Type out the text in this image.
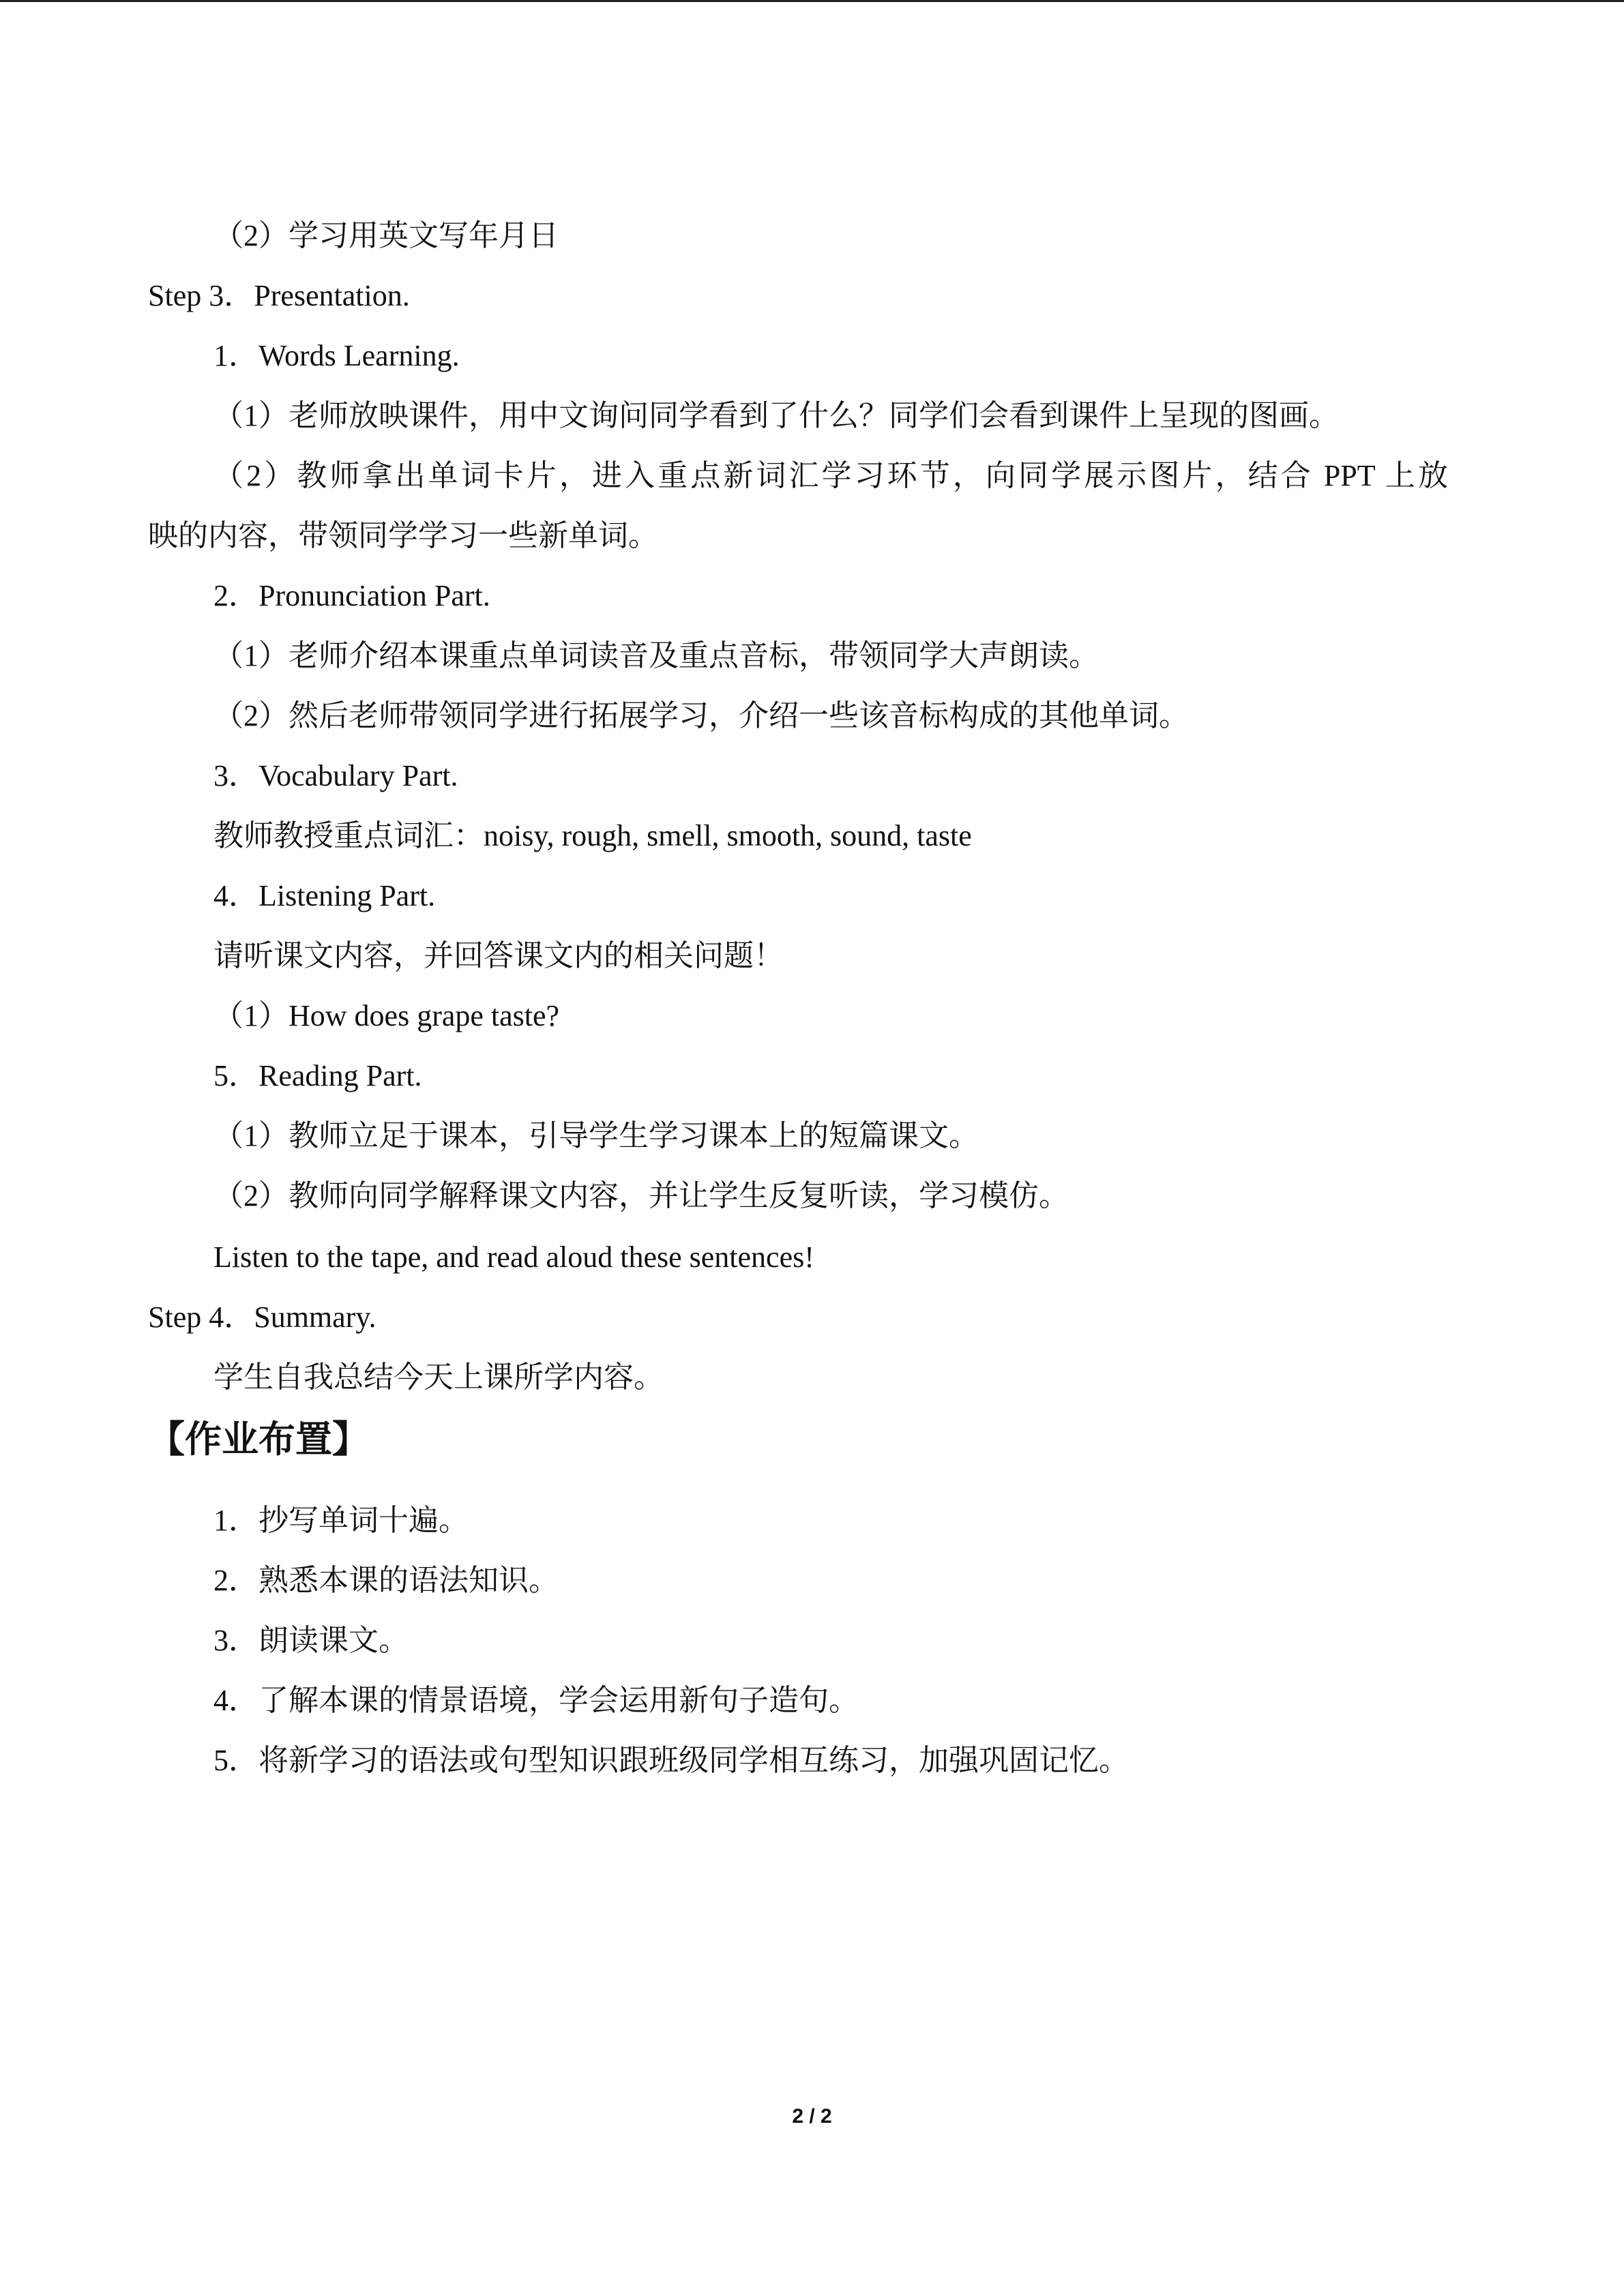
（2）学习用英文写年月日
Step 3．Presentation.
1．Words Learning.
（1）老师放映课件，用中文询问同学看到了什么？同学们会看到课件上呈现的图画。
（2）教师拿出单词卡片，进入重点新词汇学习环节，向同学展示图片，结合 PPT 上放
映的内容，带领同学学习一些新单词。
2．Pronunciation Part.
（1）老师介绍本课重点单词读音及重点音标，带领同学大声朗读。
（2）然后老师带领同学进行拓展学习，介绍一些该音标构成的其他单词。
3．Vocabulary Part.
教师教授重点词汇：noisy, rough, smell, smooth, sound, taste
4．Listening Part.
请听课文内容，并回答课文内的相关问题！
（1）How does grape taste?
5．Reading Part.
（1）教师立足于课本，引导学生学习课本上的短篇课文。
（2）教师向同学解释课文内容，并让学生反复听读，学习模仿。
Listen to the tape, and read aloud these sentences!
Step 4．Summary.
学生自我总结今天上课所学内容。
【作业布置】
1．抄写单词十遍。
2．熟悉本课的语法知识。
3．朗读课文。
4．了解本课的情景语境，学会运用新句子造句。
5．将新学习的语法或句型知识跟班级同学相互练习，加强巩固记忆。
2 / 2
